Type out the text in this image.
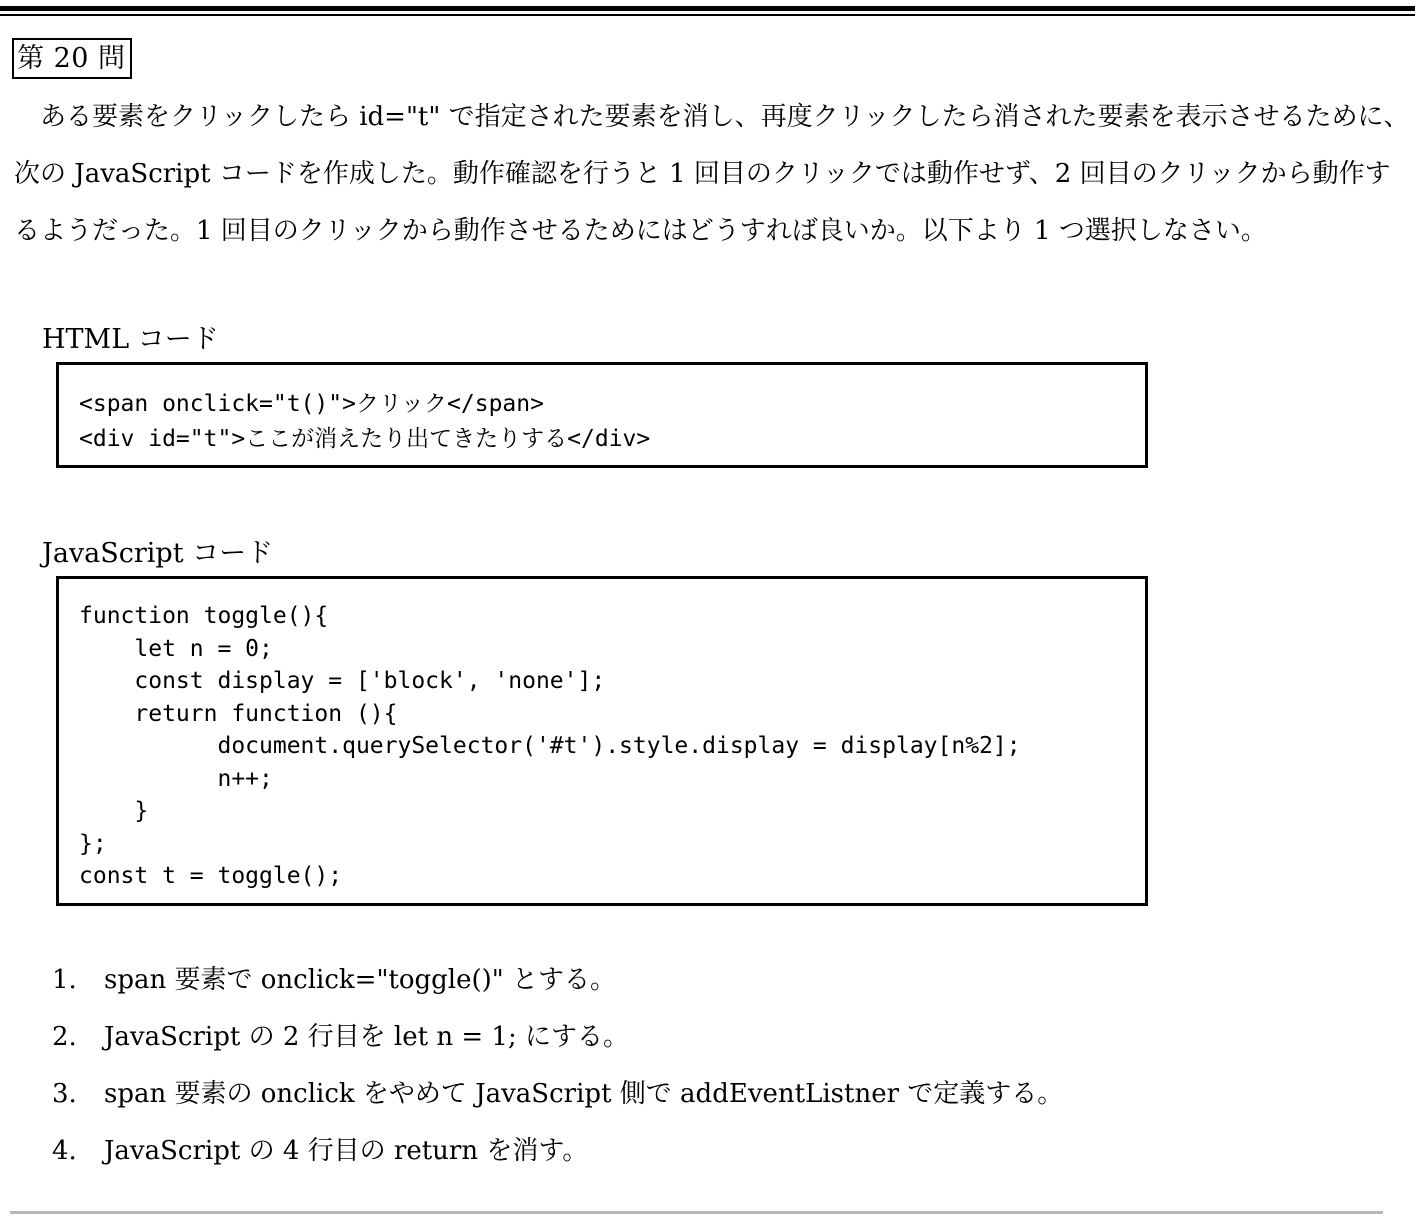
第 20 問
　ある要素をクリックしたら id="t" で指定された要素を消し、再度クリックしたら消された要素を表示させるために、
次の JavaScript コードを作成した。動作確認を行うと 1 回目のクリックでは動作せず、2 回目のクリックから動作す
るようだった。1 回目のクリックから動作させるためにはどうすれば良いか。以下より 1 つ選択しなさい。
HTML コード
<span onclick="t()">クリック</span>
<div id="t">ここが消えたり出てきたりする</div>
JavaScript コード
function toggle(){
let n = 0;
const display = ['block', 'none'];
return function (){
document.querySelector('#t').style.display = display[n%2];
n++;
}
};
const t = toggle();
1. span 要素で onclick="toggle()" とする。
2. JavaScript の 2 行目を let n = 1; にする。
3. span 要素の onclick をやめて JavaScript 側で addEventListner で定義する。
4. JavaScript の 4 行目の return を消す。
